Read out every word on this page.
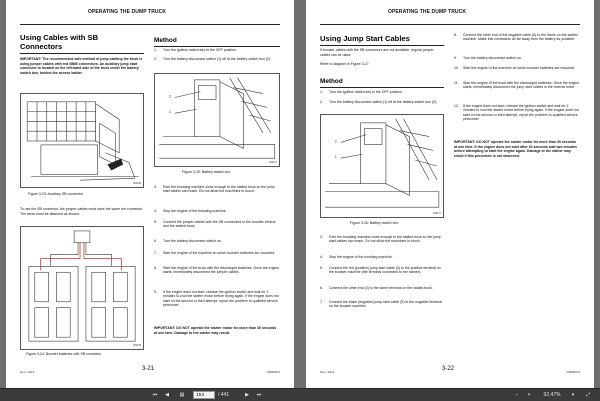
OPERATING THE DUMP TRUCK
Using Cables with SB
Connectors
IMPORTANT: The recommended safe method of jump-starting the truck is using jumper cables with red SB60 connectors. An auxiliary jump start connector is located on the left-hand side of the truck under the battery switch box, behind the access ladder.
004235
Figure 3-23: Auxiliary SB connector
To use the SB connector, the jumper cables must have the same red connector. The wires must be attached as shown:
004478
Figure 3-24: Booster batteries with SB connector
Method
1.	Turn the ignition switch key to the OFF position.
2.	Turn the battery disconnect switch (1) off at the battery switch box (2).
2
1
004477
Figure 3-25: Battery switch box
3.	Park the boosting machine close enough to the stalled truck so the jump start cables can reach. Do not allow the machines to touch.
4.	Stop the engine of the boosting machine.
5.	Connect the jumper cables with the SB connectors to the booster vehicle and the stalled truck.
6.	Turn the battery disconnect switch on.
7.	Start the engine of the machine on which booster batteries are mounted.
8.	Start the engine of the truck with the discharged batteries. Once the engine starts, immediately disconnect the jumper cables.
9.	If the engine does not start, release the ignition switch and wait for 2 minutes to cool the starter motor before trying again. If the engine does not start on the second or third attempt, report the problem to qualified service personnel.
IMPORTANT: DO NOT operate the starter motor for more than 30 seconds at one time. Damage to the starter may result.
Dec i 2014	3-21	GB3080.5
OPERATING THE DUMP TRUCK
Using Jump Start Cables
If booster cables with the SB connectors are not available, regular jumper cables can be used.
Refer to diagram in Figure 3-27.
Method
1.	Turn the ignition switch key to the OFF position.
2.	Turn the battery disconnect switch (1) off at the battery switch box (2).
2
1
004477
Figure 3-26: Battery switch box
3.	Park the boosting machine close enough to the stalled truck so the jump start cables can reach. Do not allow the machines to touch.
4.	Stop the engine of the boosting machine.
5.	Connect the red (positive) jump start cable (3) to the positive terminal on the booster machine (the terminal connected to the starter).
6.	Connect the other end (4) to the same terminal on the stalled truck.
7.	Connect the black (negative) jump start cable (5) to the negative terminal on the booster machine.
8.	Connect the other end of the negative cable (6) to the frame on the stalled machine. Make this connection as far away from the battery as possible.
9.	Turn the battery disconnect switch on.
10.	Start the engine of the machine on which booster batteries are mounted.
11.	Start the engine of the truck with the discharged batteries. Once the engine starts, immediately disconnect the jump start cables in the reverse order.
12.	If the engine does not start, release the ignition switch and wait for 2 minutes to cool the starter motor before trying again. If the engine does not start on the second or third attempt, report the problem to qualified service personnel.
IMPORTANT: DO NOT operate the starter motor for more than 30 seconds at one time. If the engine does not start after 30 seconds wait two minutes before attempting to start the engine again. Damage to the starter may result if this procedure is not observed.
Dec i 2014	3-22	GB3080.5
⏮	◀	▤	153	/ 441	▶	⏭	−	+	92,47%	▾	⤢
